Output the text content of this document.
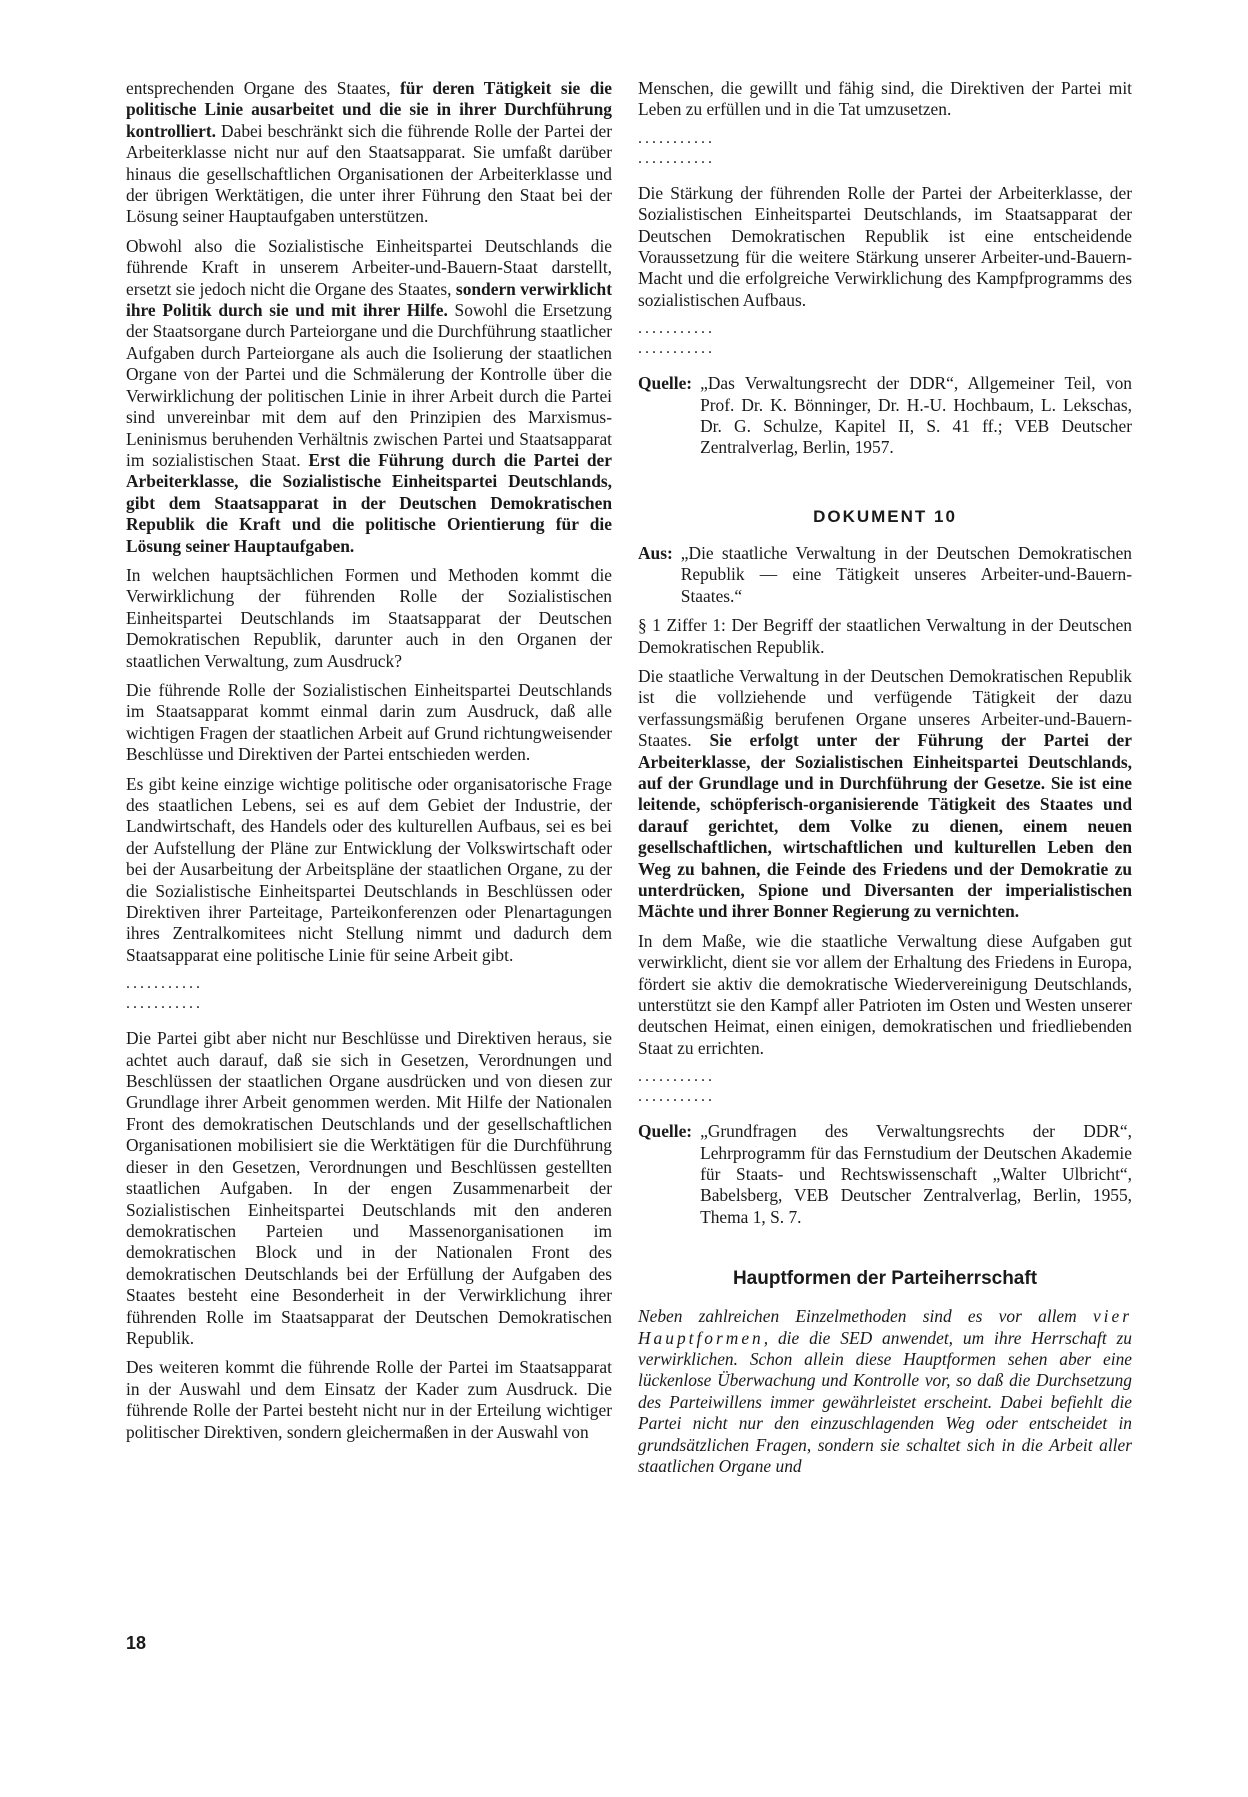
entsprechenden Organe des Staates, für deren Tätigkeit sie die politische Linie ausarbeitet und die sie in ihrer Durchführung kontrolliert. Dabei beschränkt sich die führende Rolle der Partei der Arbeiterklasse nicht nur auf den Staatsapparat. Sie umfaßt darüber hinaus die gesellschaftlichen Organisationen der Arbeiterklasse und der übrigen Werktätigen, die unter ihrer Führung den Staat bei der Lösung seiner Hauptaufgaben unterstützen.

Obwohl also die Sozialistische Einheitspartei Deutschlands die führende Kraft in unserem Arbeiter-und-Bauern-Staat darstellt, ersetzt sie jedoch nicht die Organe des Staates, sondern verwirklicht ihre Politik durch sie und mit ihrer Hilfe. Sowohl die Ersetzung der Staatsorgane durch Parteiorgane und die Durchführung staatlicher Aufgaben durch Parteiorgane als auch die Isolierung der staatlichen Organe von der Partei und die Schmälerung der Kontrolle über die Verwirklichung der politischen Linie in ihrer Arbeit durch die Partei sind unvereinbar mit dem auf den Prinzipien des Marxismus-Leninismus beruhenden Verhältnis zwischen Partei und Staatsapparat im sozialistischen Staat. Erst die Führung durch die Partei der Arbeiterklasse, die Sozialistische Einheitspartei Deutschlands, gibt dem Staatsapparat in der Deutschen Demokratischen Republik die Kraft und die politische Orientierung für die Lösung seiner Hauptaufgaben.

In welchen hauptsächlichen Formen und Methoden kommt die Verwirklichung der führenden Rolle der Sozialistischen Einheitspartei Deutschlands im Staatsapparat der Deutschen Demokratischen Republik, darunter auch in den Organen der staatlichen Verwaltung, zum Ausdruck?

Die führende Rolle der Sozialistischen Einheitspartei Deutschlands im Staatsapparat kommt einmal darin zum Ausdruck, daß alle wichtigen Fragen der staatlichen Arbeit auf Grund richtungweisender Beschlüsse und Direktiven der Partei entschieden werden.

Es gibt keine einzige wichtige politische oder organisatorische Frage des staatlichen Lebens, sei es auf dem Gebiet der Industrie, der Landwirtschaft, des Handels oder des kulturellen Aufbaus, sei es bei der Aufstellung der Pläne zur Entwicklung der Volkswirtschaft oder bei der Ausarbeitung der Arbeitspläne der staatlichen Organe, zu der die Sozialistische Einheitspartei Deutschlands in Beschlüssen oder Direktiven ihrer Parteitage, Parteikonferenzen oder Plenartagungen ihres Zentralkomitees nicht Stellung nimmt und dadurch dem Staatsapparat eine politische Linie für seine Arbeit gibt.

...........
...........

Die Partei gibt aber nicht nur Beschlüsse und Direktiven heraus, sie achtet auch darauf, daß sie sich in Gesetzen, Verordnungen und Beschlüssen der staatlichen Organe ausdrücken und von diesen zur Grundlage ihrer Arbeit genommen werden. Mit Hilfe der Nationalen Front des demokratischen Deutschlands und der gesellschaftlichen Organisationen mobilisiert sie die Werktätigen für die Durchführung dieser in den Gesetzen, Verordnungen und Beschlüssen gestellten staatlichen Aufgaben. In der engen Zusammenarbeit der Sozialistischen Einheitspartei Deutschlands mit den anderen demokratischen Parteien und Massenorganisationen im demokratischen Block und in der Nationalen Front des demokratischen Deutschlands bei der Erfüllung der Aufgaben des Staates besteht eine Besonderheit in der Verwirklichung ihrer führenden Rolle im Staatsapparat der Deutschen Demokratischen Republik.

Des weiteren kommt die führende Rolle der Partei im Staatsapparat in der Auswahl und dem Einsatz der Kader zum Ausdruck. Die führende Rolle der Partei besteht nicht nur in der Erteilung wichtiger politischer Direktiven, sondern gleichermaßen in der Auswahl von

Menschen, die gewillt und fähig sind, die Direktiven der Partei mit Leben zu erfüllen und in die Tat umzusetzen.

...........
...........

Die Stärkung der führenden Rolle der Partei der Arbeiterklasse, der Sozialistischen Einheitspartei Deutschlands, im Staatsapparat der Deutschen Demokratischen Republik ist eine entscheidende Voraussetzung für die weitere Stärkung unserer Arbeiter-und-Bauern-Macht und die erfolgreiche Verwirklichung des Kampfprogramms des sozialistischen Aufbaus.

...........
...........
Quelle: „Das Verwaltungsrecht der DDR“, Allgemeiner Teil, von Prof. Dr. K. Bönninger, Dr. H.-U. Hochbaum, L. Lekschas, Dr. G. Schulze, Kapitel II, S. 41 ff.; VEB Deutscher Zentralverlag, Berlin, 1957.
DOKUMENT 10
Aus: „Die staatliche Verwaltung in der Deutschen Demokratischen Republik — eine Tätigkeit unseres Arbeiter-und-Bauern-Staates.“

§ 1 Ziffer 1: Der Begriff der staatlichen Verwaltung in der Deutschen Demokratischen Republik.

Die staatliche Verwaltung in der Deutschen Demokratischen Republik ist die vollziehende und verfügende Tätigkeit der dazu verfassungsmäßig berufenen Organe unseres Arbeiter-und-Bauern-Staates. Sie erfolgt unter der Führung der Partei der Arbeiterklasse, der Sozialistischen Einheitspartei Deutschlands, auf der Grundlage und in Durchführung der Gesetze. Sie ist eine leitende, schöpferisch-organisierende Tätigkeit des Staates und darauf gerichtet, dem Volke zu dienen, einem neuen gesellschaftlichen, wirtschaftlichen und kulturellen Leben den Weg zu bahnen, die Feinde des Friedens und der Demokratie zu unterdrücken, Spione und Diversanten der imperialistischen Mächte und ihrer Bonner Regierung zu vernichten.

In dem Maße, wie die staatliche Verwaltung diese Aufgaben gut verwirklicht, dient sie vor allem der Erhaltung des Friedens in Europa, fördert sie aktiv die demokratische Wiedervereinigung Deutschlands, unterstützt sie den Kampf aller Patrioten im Osten und Westen unserer deutschen Heimat, einen einigen, demokratischen und friedliebenden Staat zu errichten.

...........
...........
Quelle: „Grundfragen des Verwaltungsrechts der DDR“, Lehrprogramm für das Fernstudium der Deutschen Akademie für Staats- und Rechtswissenschaft „Walter Ulbricht“, Babelsberg, VEB Deutscher Zentralverlag, Berlin, 1955, Thema 1, S. 7.
Hauptformen der Parteiherrschaft

Neben zahlreichen Einzelmethoden sind es vor allem vier Hauptformen, die die SED anwendet, um ihre Herrschaft zu verwirklichen. Schon allein diese Hauptformen sehen aber eine lückenlose Überwachung und Kontrolle vor, so daß die Durchsetzung des Parteiwillens immer gewährleistet erscheint. Dabei befiehlt die Partei nicht nur den einzuschlagenden Weg oder entscheidet in grundsätzlichen Fragen, sondern sie schaltet sich in die Arbeit aller staatlichen Organe und

18
